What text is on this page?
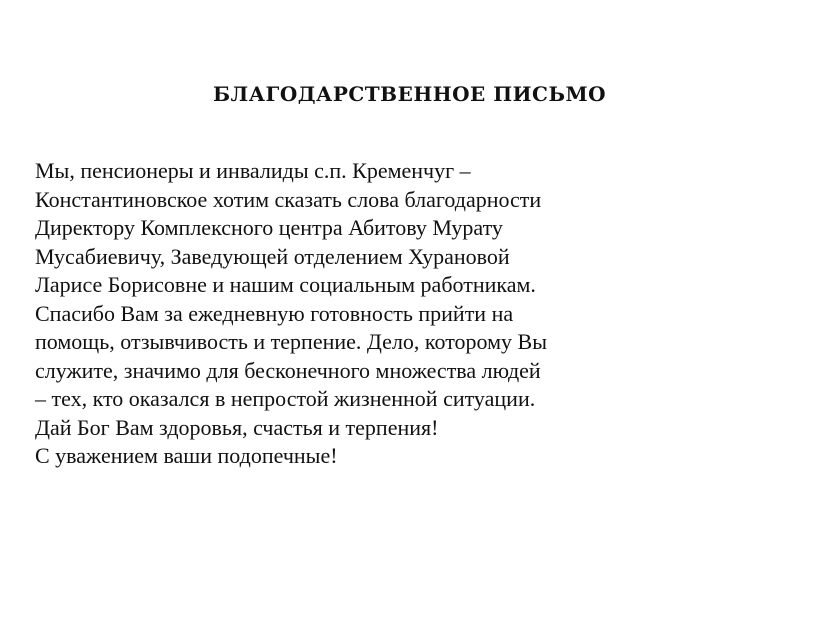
БЛАГОДАРСТВЕННОЕ ПИСЬМО
Мы, пенсионеры и инвалиды с.п. Кременчуг –
Константиновское хотим сказать слова благодарности
Директору Комплексного центра Абитову Мурату
Мусабиевичу, Заведующей отделением Хурановой
Ларисе Борисовне и нашим социальным работникам.
Спасибо Вам за ежедневную готовность прийти на
помощь, отзывчивость и терпение. Дело, которому Вы
служите, значимо для бесконечного множества людей
– тех, кто оказался в непростой жизненной ситуации.
Дай Бог Вам здоровья, счастья и терпения!
С уважением ваши подопечные!
